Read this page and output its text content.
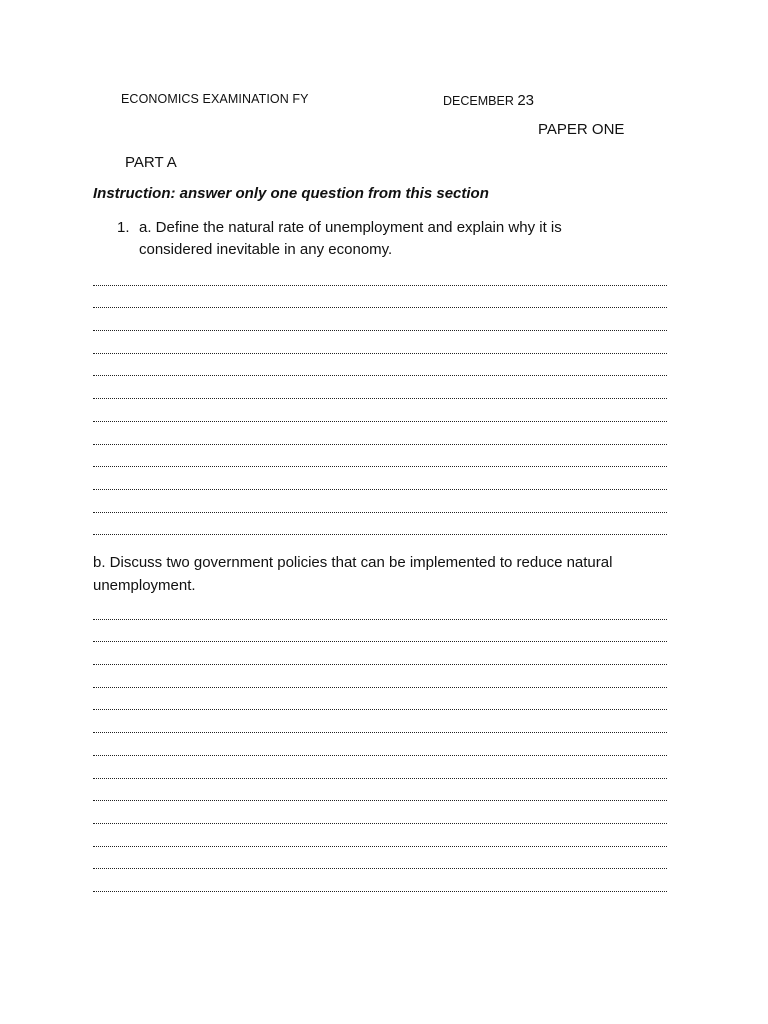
ECONOMICS EXAMINATION FY	DECEMBER 23
PAPER ONE
PART A
Instruction: answer only one question from this section
1. a. Define the natural rate of unemployment and explain why it is
considered inevitable in any economy.
b. Discuss two government policies that can be implemented to reduce natural
unemployment.
